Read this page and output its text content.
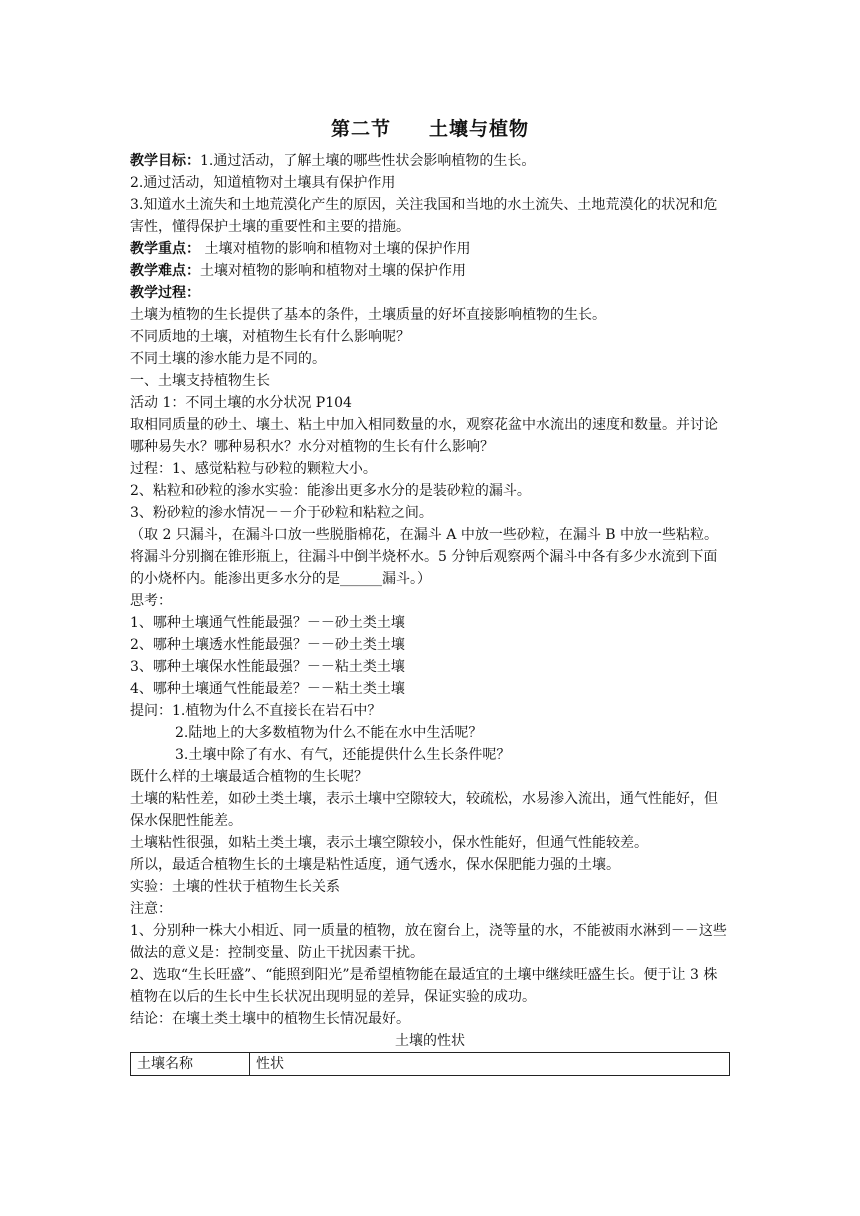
第二节     土壤与植物
教学目标：1.通过活动，了解土壤的哪些性状会影响植物的生长。
2.通过活动，知道植物对土壤具有保护作用
3.知道水土流失和土地荒漠化产生的原因，关注我国和当地的水土流失、土地荒漠化的状况和危害性，懂得保护土壤的重要性和主要的措施。
教学重点： 土壤对植物的影响和植物对土壤的保护作用
教学难点：土壤对植物的影响和植物对土壤的保护作用
教学过程：
土壤为植物的生长提供了基本的条件，土壤质量的好坏直接影响植物的生长。
不同质地的土壤，对植物生长有什么影响呢？
不同土壤的渗水能力是不同的。
一、土壤支持植物生长
活动 1：不同土壤的水分状况 P104
取相同质量的砂土、壤土、粘土中加入相同数量的水，观察花盆中水流出的速度和数量。并讨论哪种易失水？哪种易积水？水分对植物的生长有什么影响？
过程：1、感觉粘粒与砂粒的颗粒大小。
2、粘粒和砂粒的渗水实验：能渗出更多水分的是装砂粒的漏斗。
3、粉砂粒的渗水情况－－介于砂粒和粘粒之间。
（取 2 只漏斗，在漏斗口放一些脱脂棉花，在漏斗 A 中放一些砂粒，在漏斗 B 中放一些粘粒。将漏斗分别搁在锥形瓶上，往漏斗中倒半烧杯水。5 分钟后观察两个漏斗中各有多少水流到下面的小烧杯内。能渗出更多水分的是______漏斗。）
思考：
1、哪种土壤通气性能最强？－－砂土类土壤
2、哪种土壤透水性能最强？－－砂土类土壤
3、哪种土壤保水性能最强？－－粘土类土壤
4、哪种土壤通气性能最差？－－粘土类土壤
提问：1.植物为什么不直接长在岩石中？
2.陆地上的大多数植物为什么不能在水中生活呢？
3.土壤中除了有水、有气，还能提供什么生长条件呢？
既什么样的土壤最适合植物的生长呢？
土壤的粘性差，如砂土类土壤，表示土壤中空隙较大，较疏松，水易渗入流出，通气性能好，但保水保肥性能差。
土壤粘性很强，如粘土类土壤，表示土壤空隙较小，保水性能好，但通气性能较差。
所以，最适合植物生长的土壤是粘性适度，通气透水，保水保肥能力强的土壤。
实验：土壤的性状于植物生长关系
注意：
1、分别种一株大小相近、同一质量的植物，放在窗台上，浇等量的水，不能被雨水淋到－－这些做法的意义是：控制变量、防止干扰因素干扰。
2、选取“生长旺盛”、“能照到阳光”是希望植物能在最适宜的土壤中继续旺盛生长。便于让 3 株植物在以后的生长中生长状况出现明显的差异，保证实验的成功。
结论：在壤土类土壤中的植物生长情况最好。
土壤的性状
土壤名称	性状
